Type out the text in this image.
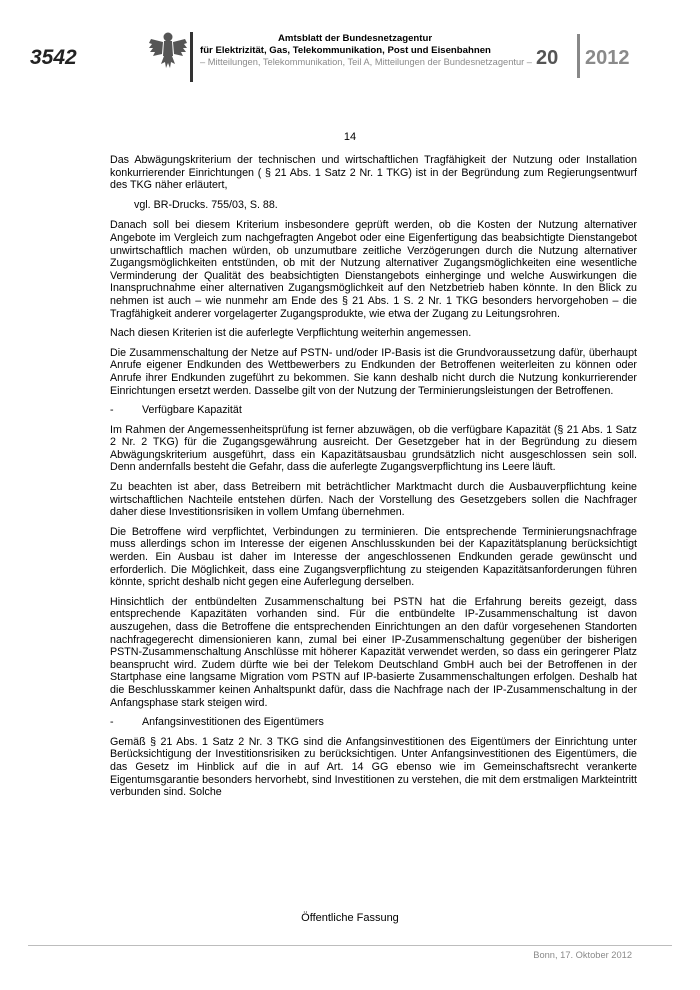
3542
Amtsblatt der Bundesnetzagentur
für Elektrizität, Gas, Telekommunikation, Post und Eisenbahnen
– Mitteilungen, Telekommunikation, Teil A, Mitteilungen der Bundesnetzagentur – 20 2012
14

Das Abwägungskriterium der technischen und wirtschaftlichen Tragfähigkeit der Nutzung oder Installation konkurrierender Einrichtungen ( § 21 Abs. 1 Satz 2 Nr. 1 TKG) ist in der Begründung zum Regierungsentwurf des TKG näher erläutert,

vgl. BR-Drucks. 755/03, S. 88.

Danach soll bei diesem Kriterium insbesondere geprüft werden, ob die Kosten der Nutzung alternativer Angebote im Vergleich zum nachgefragten Angebot oder eine Eigenfertigung das beabsichtigte Dienstangebot unwirtschaftlich machen würden, ob unzumutbare zeitliche Verzögerungen durch die Nutzung alternativer Zugangsmöglichkeiten entstünden, ob mit der Nutzung alternativer Zugangsmöglichkeiten eine wesentliche Verminderung der Qualität des beabsichtigten Dienstangebots einherginge und welche Auswirkungen die Inanspruchnahme einer alternativen Zugangsmöglichkeit auf den Netzbetrieb haben könnte. In den Blick zu nehmen ist auch – wie nunmehr am Ende des § 21 Abs. 1 S. 2 Nr. 1 TKG besonders hervorgehoben – die Tragfähigkeit anderer vorgelagerter Zugangsprodukte, wie etwa der Zugang zu Leitungsrohren.

Nach diesen Kriterien ist die auferlegte Verpflichtung weiterhin angemessen.

Die Zusammenschaltung der Netze auf PSTN- und/oder IP-Basis ist die Grundvoraussetzung dafür, überhaupt Anrufe eigener Endkunden des Wettbewerbers zu Endkunden der Betroffenen weiterleiten zu können oder Anrufe ihrer Endkunden zugeführt zu bekommen. Sie kann deshalb nicht durch die Nutzung konkurrierender Einrichtungen ersetzt werden. Dasselbe gilt von der Nutzung der Terminierungsleistungen der Betroffenen.

-	Verfügbare Kapazität

Im Rahmen der Angemessenheitsprüfung ist ferner abzuwägen, ob die verfügbare Kapazität (§ 21 Abs. 1 Satz 2 Nr. 2 TKG) für die Zugangsgewährung ausreicht. Der Gesetzgeber hat in der Begründung zu diesem Abwägungskriterium ausgeführt, dass ein Kapazitätsausbau grundsätzlich nicht ausgeschlossen sein soll. Denn andernfalls besteht die Gefahr, dass die auferlegte Zugangsverpflichtung ins Leere läuft.

Zu beachten ist aber, dass Betreibern mit beträchtlicher Marktmacht durch die Ausbauverpflichtung keine wirtschaftlichen Nachteile entstehen dürfen. Nach der Vorstellung des Gesetzgebers sollen die Nachfrager daher diese Investitionsrisiken in vollem Umfang übernehmen.

Die Betroffene wird verpflichtet, Verbindungen zu terminieren. Die entsprechende Terminierungsnachfrage muss allerdings schon im Interesse der eigenen Anschlusskunden bei der Kapazitätsplanung berücksichtigt werden. Ein Ausbau ist daher im Interesse der angeschlossenen Endkunden gerade gewünscht und erforderlich. Die Möglichkeit, dass eine Zugangsverpflichtung zu steigenden Kapazitätsanforderungen führen könnte, spricht deshalb nicht gegen eine Auferlegung derselben.

Hinsichtlich der entbündelten Zusammenschaltung bei PSTN hat die Erfahrung bereits gezeigt, dass entsprechende Kapazitäten vorhanden sind. Für die entbündelte IP-Zusammenschaltung ist davon auszugehen, dass die Betroffene die entsprechenden Einrichtungen an den dafür vorgesehenen Standorten nachfragegerecht dimensionieren kann, zumal bei einer IP-Zusammenschaltung gegenüber der bisherigen PSTN-Zusammenschaltung Anschlüsse mit höherer Kapazität verwendet werden, so dass ein geringerer Platz beansprucht wird. Zudem dürfte wie bei der Telekom Deutschland GmbH auch bei der Betroffenen in der Startphase eine langsame Migration vom PSTN auf IP-basierte Zusammenschaltungen erfolgen. Deshalb hat die Beschlusskammer keinen Anhaltspunkt dafür, dass die Nachfrage nach der IP-Zusammenschaltung in der Anfangsphase stark steigen wird.

-	Anfangsinvestitionen des Eigentümers

Gemäß § 21 Abs. 1 Satz 2 Nr. 3 TKG sind die Anfangsinvestitionen des Eigentümers der Einrichtung unter Berücksichtigung der Investitionsrisiken zu berücksichtigen. Unter Anfangsinvestitionen des Eigentümers, die das Gesetz im Hinblick auf die in auf Art. 14 GG ebenso wie im Gemeinschaftsrecht verankerte Eigentumsgarantie besonders hervorhebt, sind Investitionen zu verstehen, die mit dem erstmaligen Markteintritt verbunden sind. Solche

Öffentliche Fassung
Bonn, 17. Oktober 2012
